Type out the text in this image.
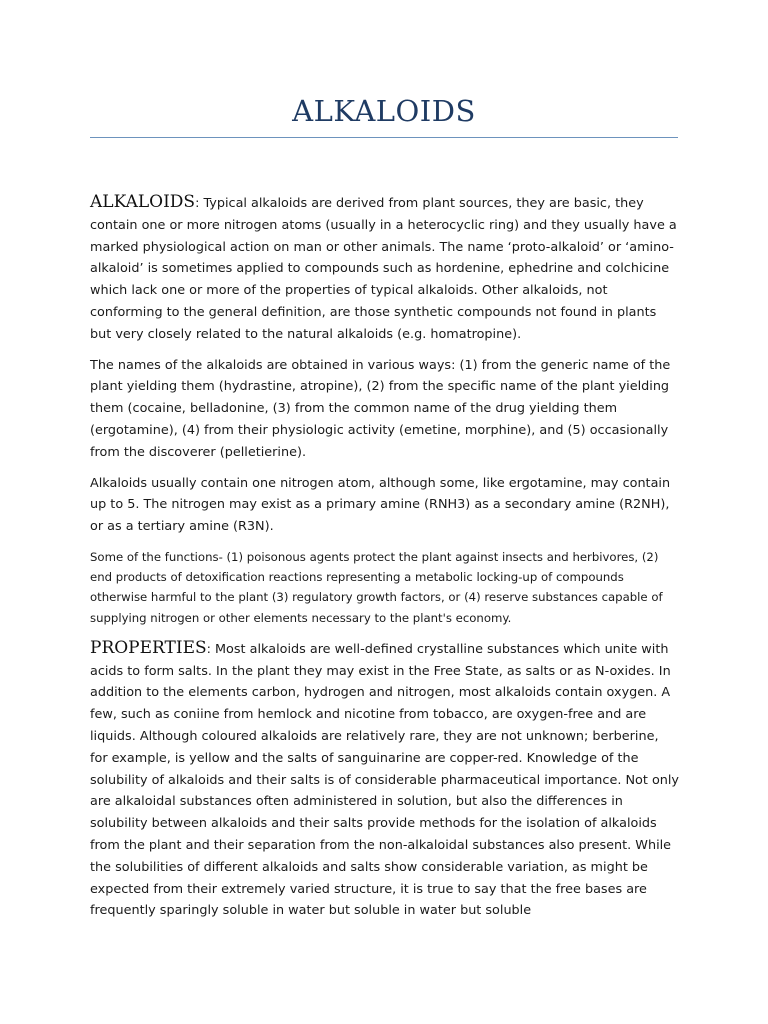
ALKALOIDS

ALKALOIDS: Typical alkaloids are derived from plant sources, they are basic, they contain one or more nitrogen atoms (usually in a heterocyclic ring) and they usually have a marked physiological action on man or other animals. The name ‘proto-alkaloid’ or ‘amino-alkaloid’ is sometimes applied to compounds such as hordenine, ephedrine and colchicine which lack one or more of the properties of typical alkaloids. Other alkaloids, not conforming to the general definition, are those synthetic compounds not found in plants but very closely related to the natural alkaloids (e.g. homatropine).

The names of the alkaloids are obtained in various ways: (1) from the generic name of the plant yielding them (hydrastine, atropine), (2) from the specific name of the plant yielding them (cocaine, belladonine, (3) from the common name of the drug yielding them (ergotamine), (4) from their physiologic activity (emetine, morphine), and (5) occasionally from the discoverer (pelletierine).

Alkaloids usually contain one nitrogen atom, although some, like ergotamine, may contain up to 5. The nitrogen may exist as a primary amine (RNH3) as a secondary amine (R2NH), or as a tertiary amine (R3N).

Some of the functions- (1) poisonous agents protect the plant against insects and herbivores, (2) end products of detoxification reactions representing a metabolic locking-up of compounds otherwise harmful to the plant (3) regulatory growth factors, or (4) reserve substances capable of supplying nitrogen or other elements necessary to the plant's economy.

PROPERTIES: Most alkaloids are well-defined crystalline substances which unite with acids to form salts. In the plant they may exist in the Free State, as salts or as N-oxides. In addition to the elements carbon, hydrogen and nitrogen, most alkaloids contain oxygen. A few, such as coniine from hemlock and nicotine from tobacco, are oxygen-free and are liquids. Although coloured alkaloids are relatively rare, they are not unknown; berberine, for example, is yellow and the salts of sanguinarine are copper-red. Knowledge of the solubility of alkaloids and their salts is of considerable pharmaceutical importance. Not only are alkaloidal substances often administered in solution, but also the differences in solubility between alkaloids and their salts provide methods for the isolation of alkaloids from the plant and their separation from the non-alkaloidal substances also present. While the solubilities of different alkaloids and salts show considerable variation, as might be expected from their extremely varied structure, it is true to say that the free bases are frequently sparingly soluble in water but soluble in water but soluble
